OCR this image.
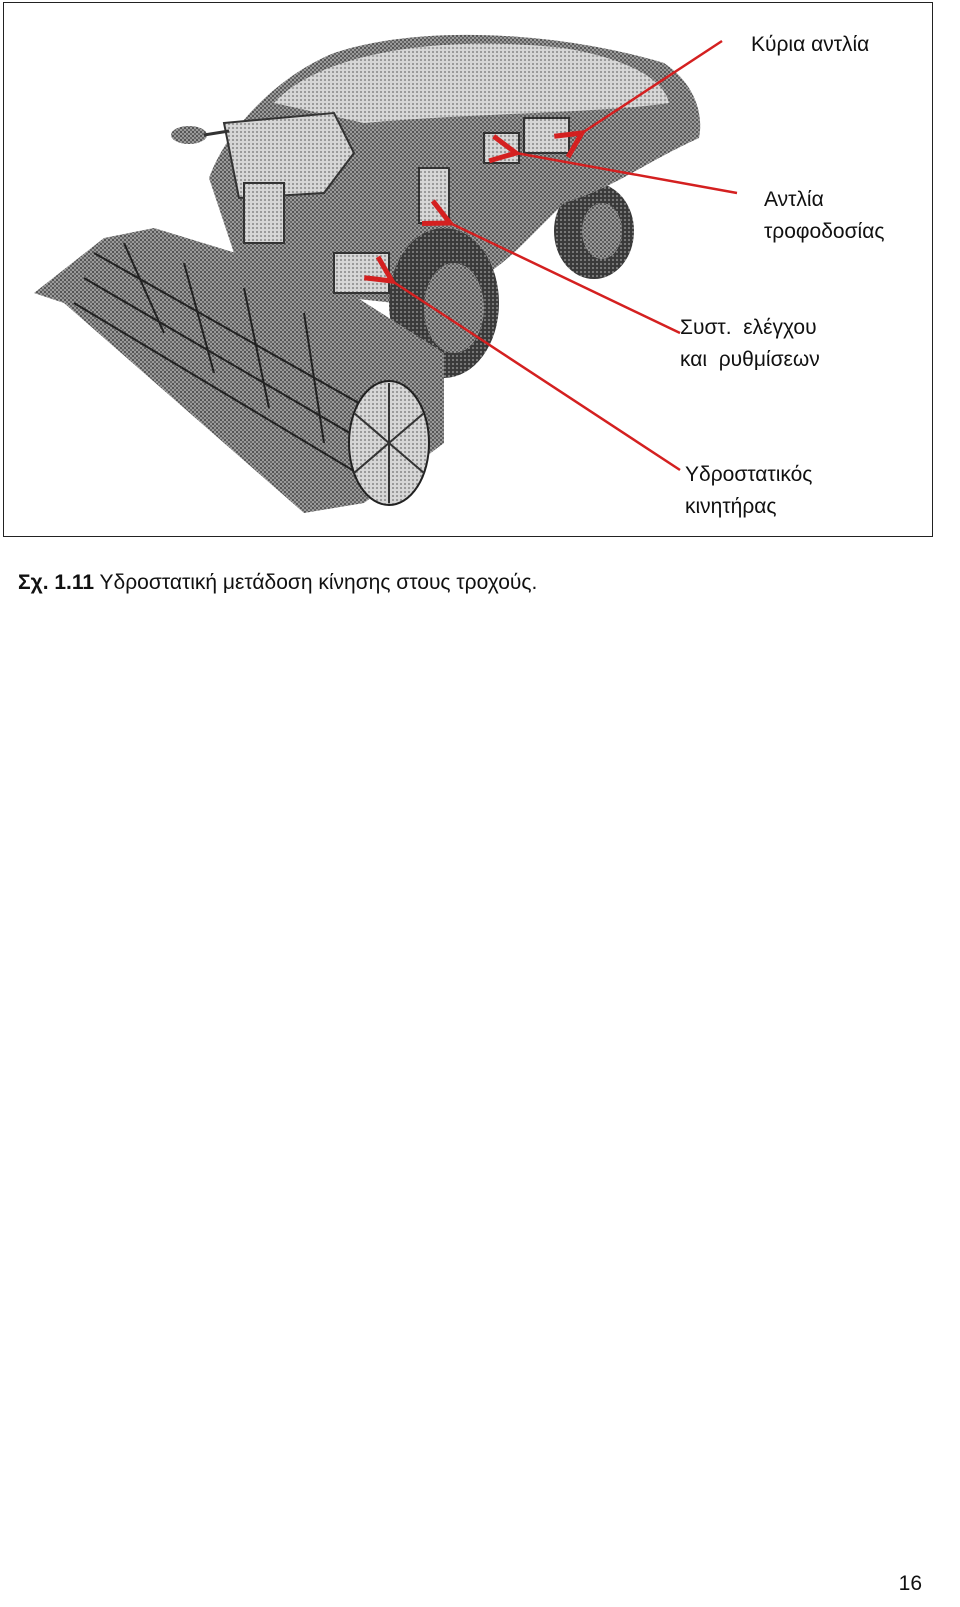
Κύρια αντλία
Αντλία
τροφοδοσίας
Συστ.  ελέγχου
και  ρυθμίσεων
Υδροστατικός
κινητήρας
Σχ. 1.11 Υδροστατική μετάδοση κίνησης στους τροχούς.
16
